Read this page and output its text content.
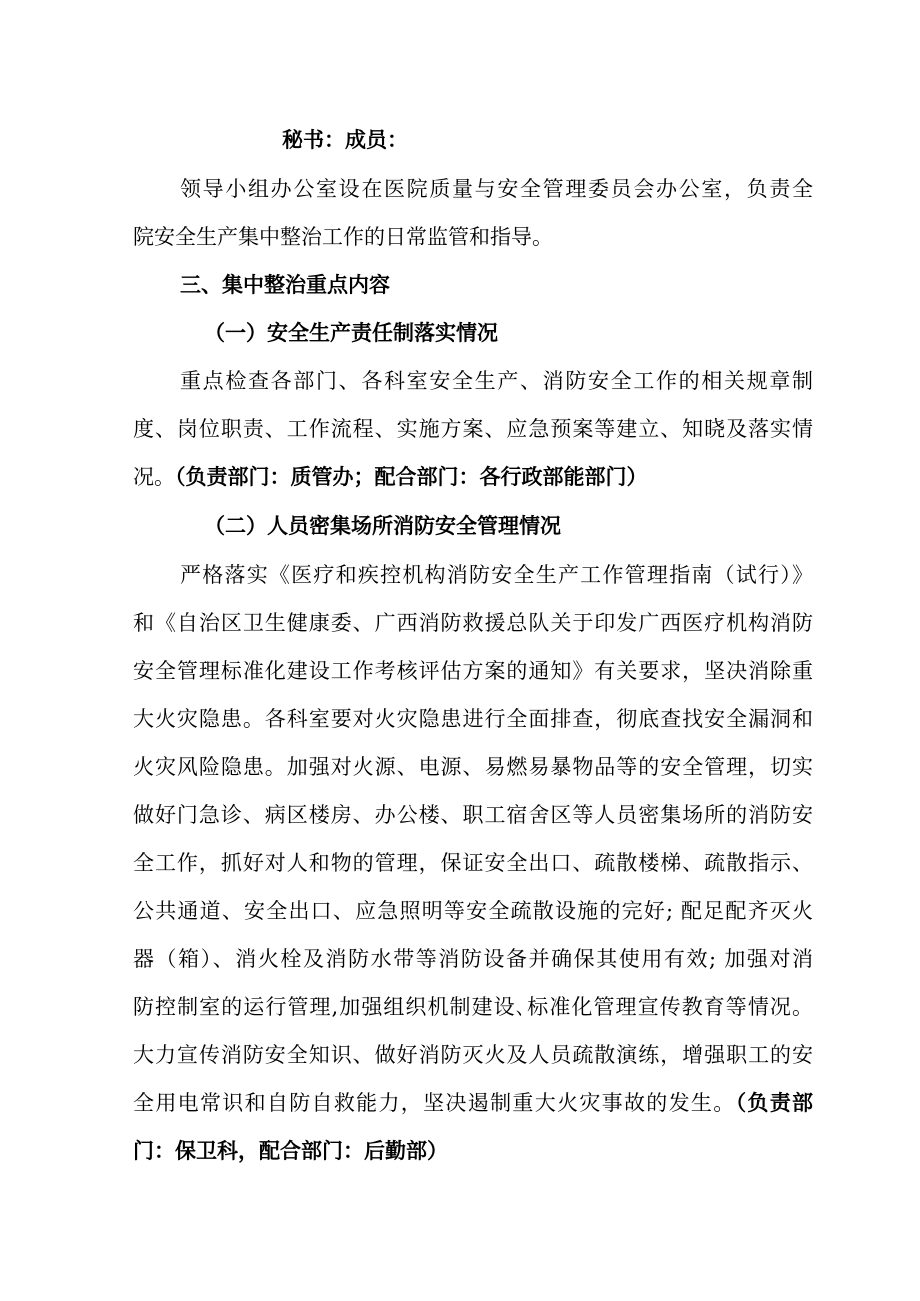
秘书：成员：
领导小组办公室设在医院质量与安全管理委员会办公室，负责全
院安全生产集中整治工作的日常监管和指导。
三、集中整治重点内容
（一）安全生产责任制落实情况
重点检查各部门、各科室安全生产、消防安全工作的相关规章制
度、岗位职责、工作流程、实施方案、应急预案等建立、知晓及落实情
况。（负责部门：质管办；配合部门：各行政部能部门）
（二）人员密集场所消防安全管理情况
严格落实《医疗和疾控机构消防安全生产工作管理指南（试行）》
和《自治区卫生健康委、广西消防救援总队关于印发广西医疗机构消防
安全管理标准化建设工作考核评估方案的通知》有关要求，坚决消除重
大火灾隐患。各科室要对火灾隐患进行全面排查，彻底查找安全漏洞和
火灾风险隐患。加强对火源、电源、易燃易暴物品等的安全管理，切实
做好门急诊、病区楼房、办公楼、职工宿舍区等人员密集场所的消防安
全工作，抓好对人和物的管理，保证安全出口、疏散楼梯、疏散指示、
公共通道、安全出口、应急照明等安全疏散设施的完好; 配足配齐灭火
器（箱）、消火栓及消防水带等消防设备并确保其使用有效; 加强对消
防控制室的运行管理,加强组织机制建设､标准化管理宣传教育等情况。
大力宣传消防安全知识、做好消防灭火及人员疏散演练，增强职工的安
全用电常识和自防自救能力，坚决遏制重大火灾事故的发生。（负责部
门：保卫科，配合部门：后勤部）
